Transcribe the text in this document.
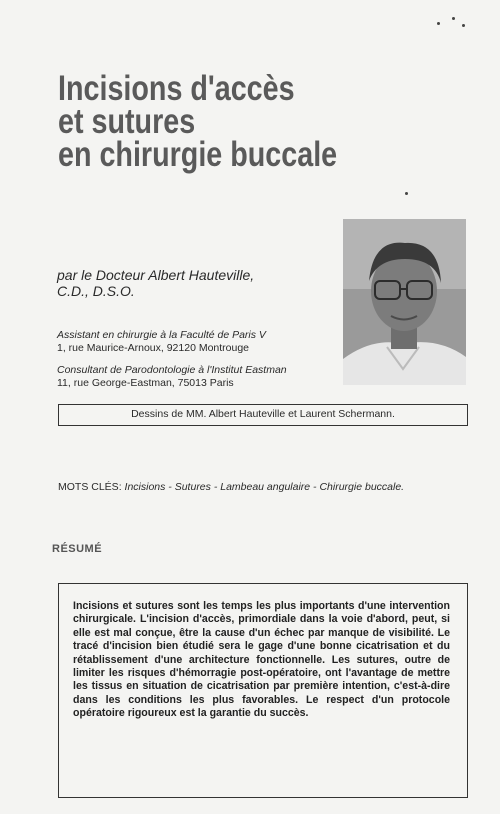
Incisions d'accès
et sutures
en chirurgie buccale
par le Docteur Albert Hauteville,
C.D., D.S.O.
Assistant en chirurgie à la Faculté de Paris V
1, rue Maurice-Arnoux, 92120 Montrouge
Consultant de Parodontologie à l'Institut Eastman
11, rue George-Eastman, 75013 Paris
Dessins de MM. Albert Hauteville et Laurent Schermann.
MOTS CLÉS: Incisions - Sutures - Lambeau angulaire - Chirurgie buccale.
RÉSUMÉ

Incisions et sutures sont les temps les plus importants d'une intervention chirurgicale. L'incision d'accès, primordiale dans la voie d'abord, peut, si elle est mal conçue, être la cause d'un échec par manque de visibilité. Le tracé d'incision bien étudié sera le gage d'une bonne cicatrisation et du rétablissement d'une architecture fonctionnelle. Les sutures, outre de limiter les risques d'hémorragie post-opératoire, ont l'avantage de mettre les tissus en situation de cicatrisation par première intention, c'est-à-dire dans les conditions les plus favorables. Le respect d'un protocole opératoire rigoureux est la garantie du succès.
